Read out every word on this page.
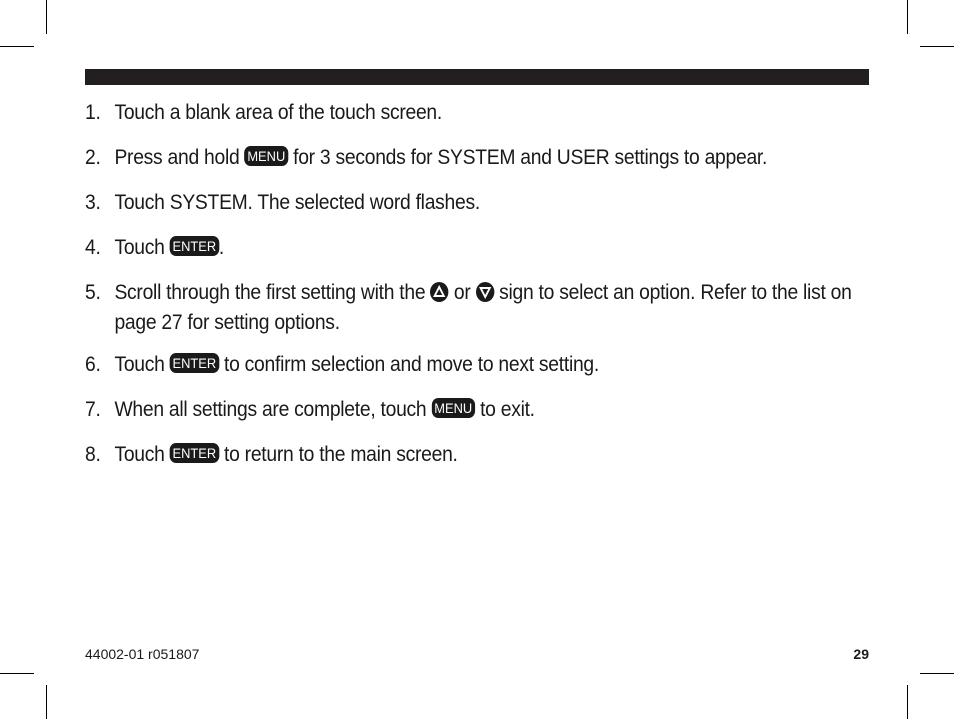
1. Touch a blank area of the touch screen.
2. Press and hold MENU for 3 seconds for SYSTEM and USER settings to appear.
3. Touch SYSTEM. The selected word flashes.
4. Touch ENTER .
5. Scroll through the first setting with the or sign to select an option. Refer to the list on page 27 for setting options.
6. Touch ENTER to confirm selection and move to next setting.
7. When all settings are complete, touch MENU to exit.
8. Touch ENTER to return to the main screen.
44002-01 r051807	29
